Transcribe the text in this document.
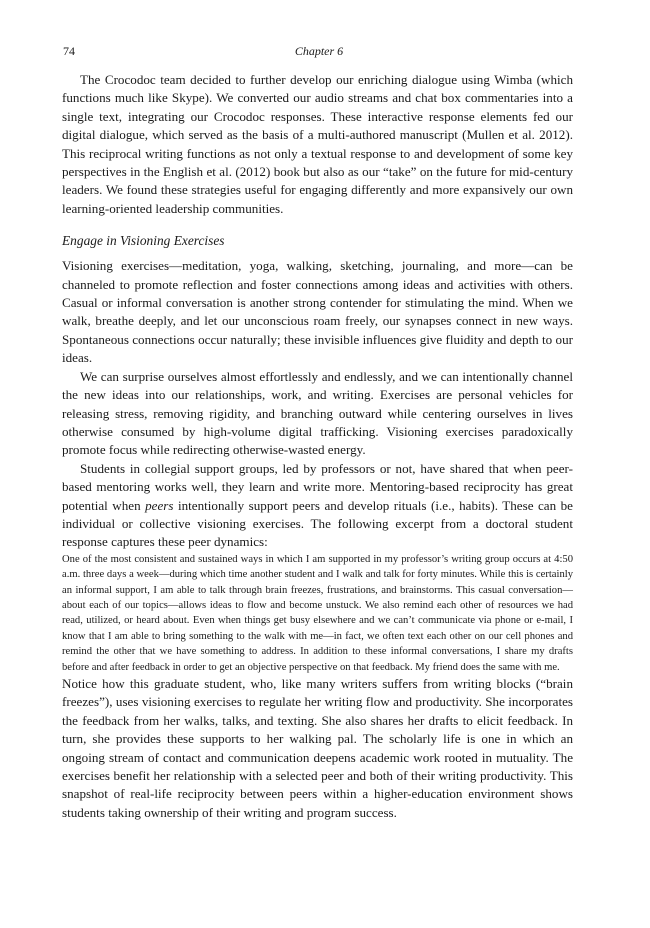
74	Chapter 6

The Crocodoc team decided to further develop our enriching dialogue using Wimba (which functions much like Skype). We converted our audio streams and chat box commentaries into a single text, integrating our Crocodoc responses. These interactive response elements fed our digital dialogue, which served as the basis of a multi-authored manuscript (Mullen et al. 2012). This reciprocal writing functions as not only a textual response to and development of some key perspectives in the English et al. (2012) book but also as our “take” on the future for mid-century leaders. We found these strategies useful for engaging differently and more expansively our own learning-oriented leadership communities.

Engage in Visioning Exercises

Visioning exercises—meditation, yoga, walking, sketching, journaling, and more—can be channeled to promote reflection and foster connections among ideas and activities with others. Casual or informal conversation is another strong contender for stimulating the mind. When we walk, breathe deeply, and let our unconscious roam freely, our synapses connect in new ways. Spontaneous connections occur naturally; these invisible influences give fluidity and depth to our ideas.

We can surprise ourselves almost effortlessly and endlessly, and we can intentionally channel the new ideas into our relationships, work, and writing. Exercises are personal vehicles for releasing stress, removing rigidity, and branching outward while centering ourselves in lives otherwise consumed by high-volume digital trafficking. Visioning exercises paradoxically promote focus while redirecting otherwise-wasted energy.

Students in collegial support groups, led by professors or not, have shared that when peer-based mentoring works well, they learn and write more. Mentoring-based reciprocity has great potential when peers intentionally support peers and develop rituals (i.e., habits). These can be individual or collective visioning exercises. The following excerpt from a doctoral student response captures these peer dynamics:

One of the most consistent and sustained ways in which I am supported in my professor’s writing group occurs at 4:50 a.m. three days a week—during which time another student and I walk and talk for forty minutes. While this is certainly an informal support, I am able to talk through brain freezes, frustrations, and brainstorms. This casual conversation—about each of our topics—allows ideas to flow and become unstuck. We also remind each other of resources we had read, utilized, or heard about. Even when things get busy elsewhere and we can’t communicate via phone or e-mail, I know that I am able to bring something to the walk with me—in fact, we often text each other on our cell phones and remind the other that we have something to address. In addition to these informal conversations, I share my drafts before and after feedback in order to get an objective perspective on that feedback. My friend does the same with me.

Notice how this graduate student, who, like many writers suffers from writing blocks (“brain freezes”), uses visioning exercises to regulate her writing flow and productivity. She incorporates the feedback from her walks, talks, and texting. She also shares her drafts to elicit feedback. In turn, she provides these supports to her walking pal. The scholarly life is one in which an ongoing stream of contact and communication deepens academic work rooted in mutuality. The exercises benefit her relationship with a selected peer and both of their writing productivity. This snapshot of real-life reciprocity between peers within a higher-education environment shows students taking ownership of their writing and program success.
